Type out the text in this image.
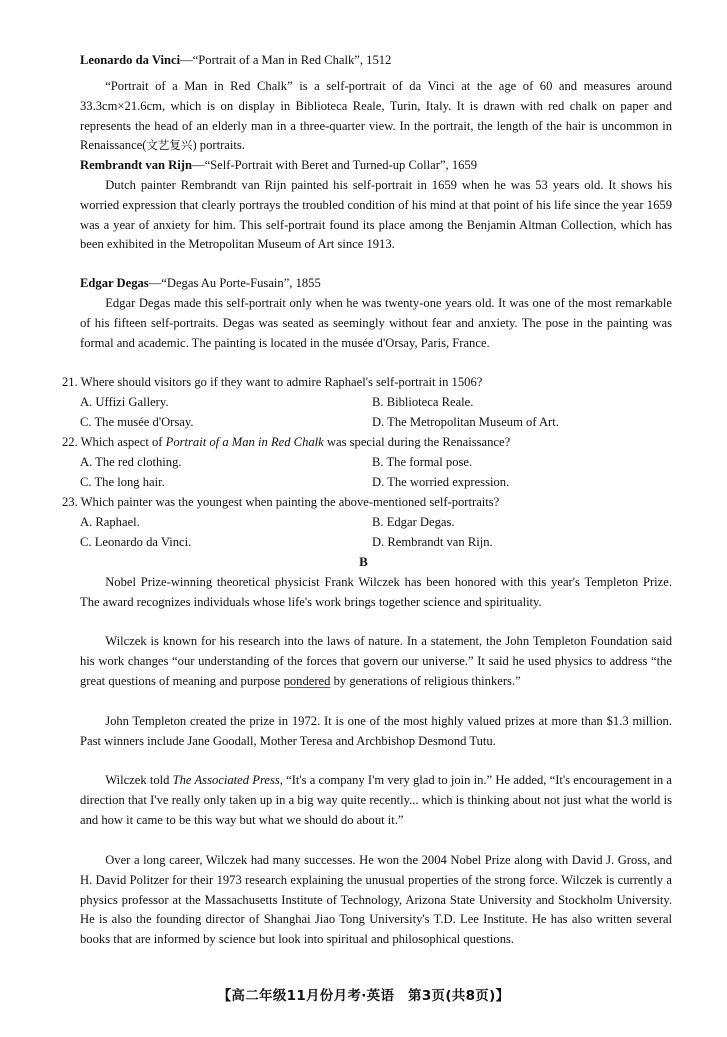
Leonardo da Vinci—“Portrait of a Man in Red Chalk”, 1512

“Portrait of a Man in Red Chalk” is a self-portrait of da Vinci at the age of 60 and measures around 33.3cm×21.6cm, which is on display in Biblioteca Reale, Turin, Italy. It is drawn with red chalk on paper and represents the head of an elderly man in a three-quarter view. In the portrait, the length of the hair is uncommon in Renaissance(文艺复兴) portraits.

Rembrandt van Rijn—“Self-Portrait with Beret and Turned-up Collar”, 1659

Dutch painter Rembrandt van Rijn painted his self-portrait in 1659 when he was 53 years old. It shows his worried expression that clearly portrays the troubled condition of his mind at that point of his life since the year 1659 was a year of anxiety for him. This self-portrait found its place among the Benjamin Altman Collection, which has been exhibited in the Metropolitan Museum of Art since 1913.

Edgar Degas—“Degas Au Porte-Fusain”, 1855

Edgar Degas made this self-portrait only when he was twenty-one years old. It was one of the most remarkable of his fifteen self-portraits. Degas was seated as seemingly without fear and anxiety. The pose in the painting was formal and academic. The painting is located in the musée d'Orsay, Paris, France.

21. Where should visitors go if they want to admire Raphael's self-portrait in 1506?
A. Uffizi Gallery.	B. Biblioteca Reale.
C. The musée d'Orsay.	D. The Metropolitan Museum of Art.
22. Which aspect of Portrait of a Man in Red Chalk was special during the Renaissance?
A. The red clothing.	B. The formal pose.
C. The long hair.	D. The worried expression.
23. Which painter was the youngest when painting the above-mentioned self-portraits?
A. Raphael.	B. Edgar Degas.
C. Leonardo da Vinci.	D. Rembrandt van Rijn.
B

Nobel Prize-winning theoretical physicist Frank Wilczek has been honored with this year's Templeton Prize. The award recognizes individuals whose life's work brings together science and spirituality.

Wilczek is known for his research into the laws of nature. In a statement, the John Templeton Foundation said his work changes “our understanding of the forces that govern our universe.” It said he used physics to address “the great questions of meaning and purpose pondered by generations of religious thinkers.”

John Templeton created the prize in 1972. It is one of the most highly valued prizes at more than $1.3 million. Past winners include Jane Goodall, Mother Teresa and Archbishop Desmond Tutu.

Wilczek told The Associated Press, “It's a company I'm very glad to join in.” He added, “It's encouragement in a direction that I've really only taken up in a big way quite recently... which is thinking about not just what the world is and how it came to be this way but what we should do about it.”

Over a long career, Wilczek had many successes. He won the 2004 Nobel Prize along with David J. Gross, and H. David Politzer for their 1973 research explaining the unusual properties of the strong force. Wilczek is currently a physics professor at the Massachusetts Institute of Technology, Arizona State University and Stockholm University. He is also the founding director of Shanghai Jiao Tong University's T.D. Lee Institute. He has also written several books that are informed by science but look into spiritual and philosophical questions.

【高二年级11月份月考·英语　第3页(共8页)】
